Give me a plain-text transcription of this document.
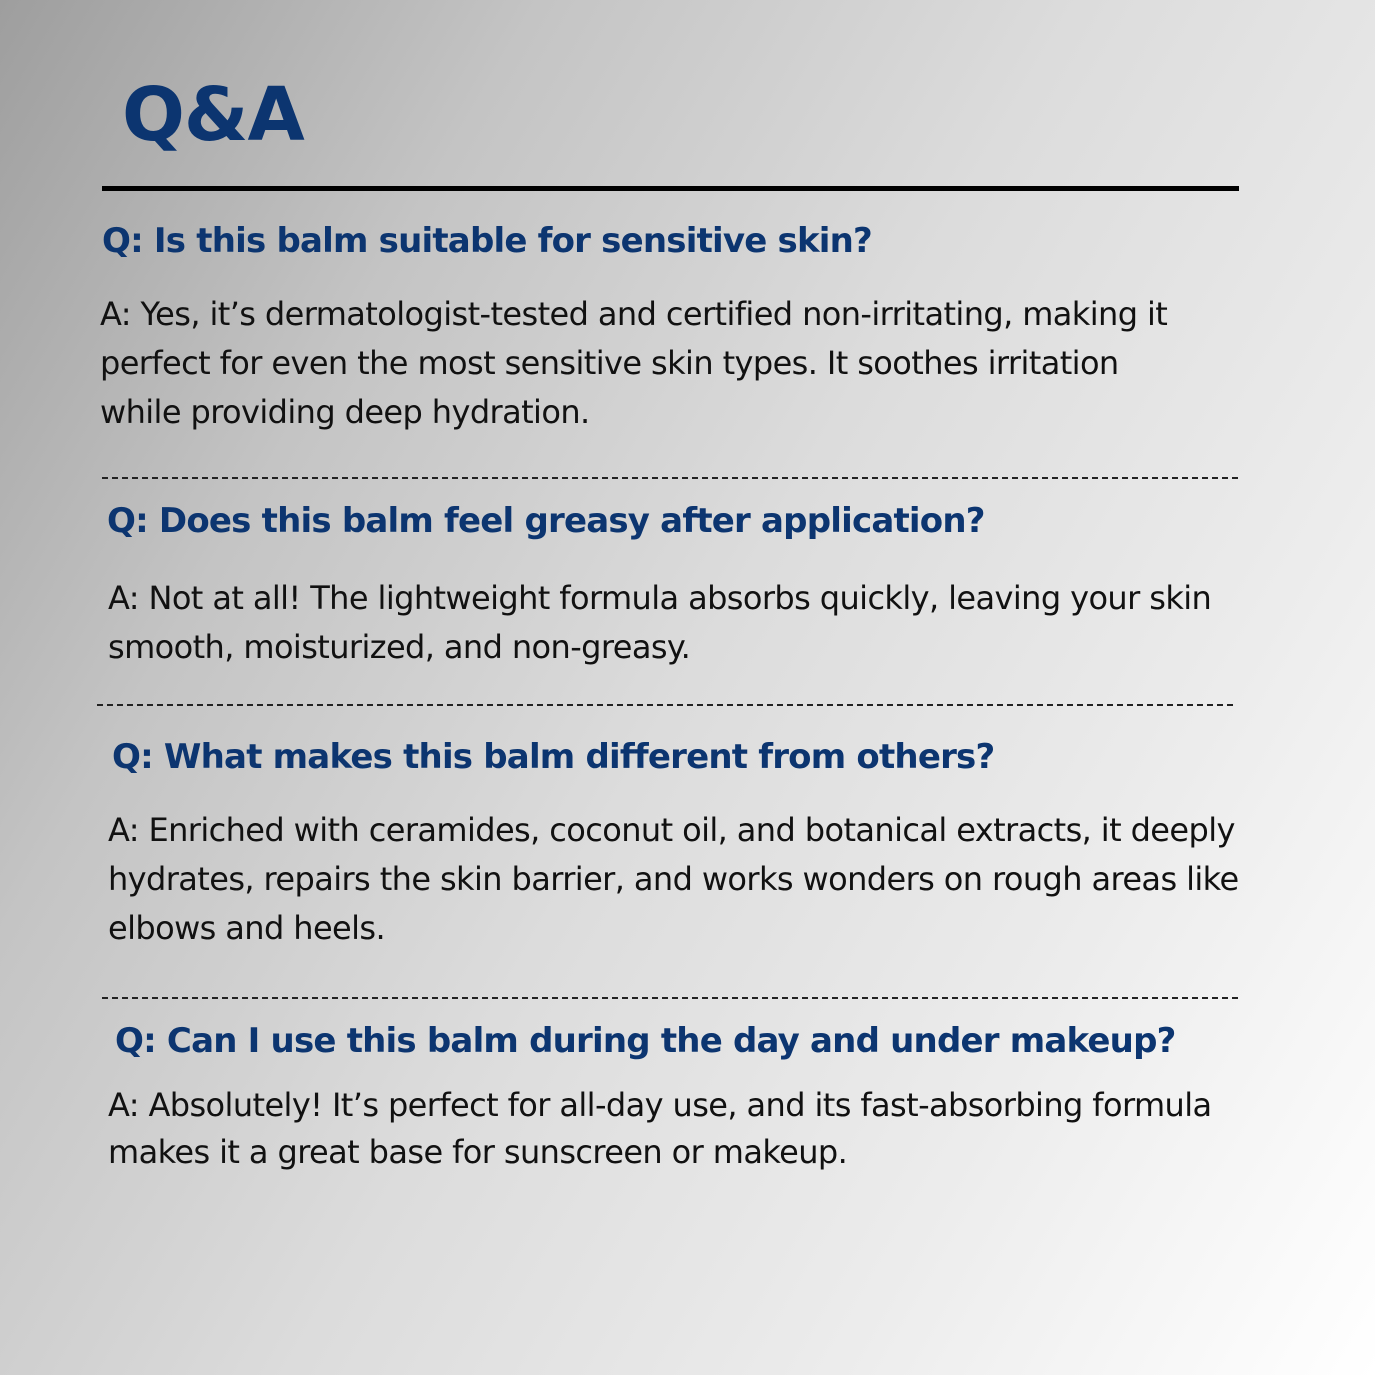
Q&A
Q: Is this balm suitable for sensitive skin?

A: Yes, it’s dermatologist-tested and certified non-irritating, making it perfect for even the most sensitive skin types. It soothes irritation while providing deep hydration.

Q: Does this balm feel greasy after application?

A: Not at all! The lightweight formula absorbs quickly, leaving your skin smooth, moisturized, and non-greasy.

Q: What makes this balm different from others?

A: Enriched with ceramides, coconut oil, and botanical extracts, it deeply hydrates, repairs the skin barrier, and works wonders on rough areas like elbows and heels.

Q: Can I use this balm during the day and under makeup?

A: Absolutely! It’s perfect for all-day use, and its fast-absorbing formula makes it a great base for sunscreen or makeup.
